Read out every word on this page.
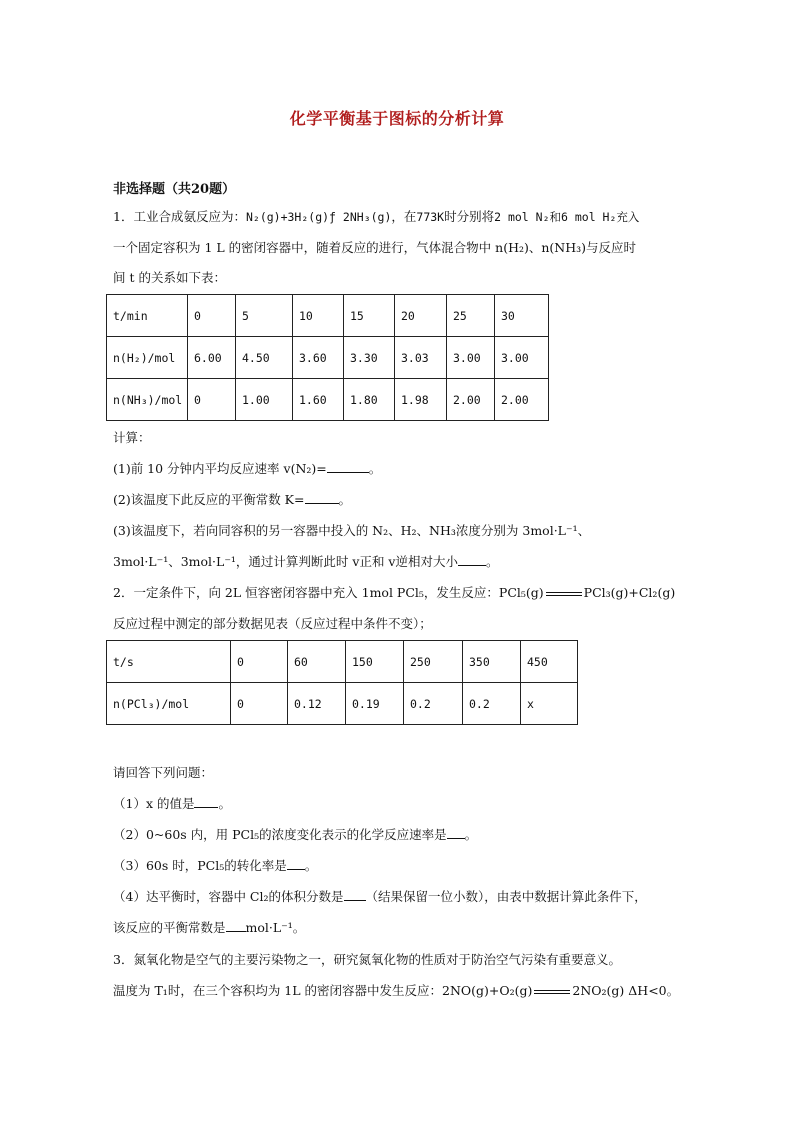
化学平衡基于图标的分析计算
非选择题（共20题）
1．工业合成氨反应为：N₂(g)+3H₂(g)ƒ 2NH₃(g)，在773K时分别将2 mol N₂和6 mol H₂充入
一个固定容积为 1 L 的密闭容器中，随着反应的进行，气体混合物中 n(H₂)、n(NH₃)与反应时
间 t 的关系如下表：
t/min	0	5	10	15	20	25	30
n(H₂)/mol	6.00	4.50	3.60	3.30	3.03	3.00	3.00
n(NH₃)/mol	0	1.00	1.60	1.80	1.98	2.00	2.00
计算：
(1)前 10 分钟内平均反应速率 v(N₂)=	。
(2)该温度下此反应的平衡常数 K=	。
(3)该温度下，若向同容积的另一容器中投入的 N₂、H₂、NH₃浓度分别为 3mol·L⁻¹、
3mol·L⁻¹、3mol·L⁻¹，通过计算判断此时 v正和 v逆相对大小 。
2．一定条件下，向 2L 恒容密闭容器中充入 1mol PCl₅，发生反应：PCl₅(g)	PCl₃(g)+Cl₂(g)
反应过程中测定的部分数据见表（反应过程中条件不变）；
t/s	0	60	150	250	350	450
n(PCl₃)/mol	0	0.12	0.19	0.2	0.2	x
请回答下列问题：
（1）x 的值是 。
（2）0~60s 内，用 PCl₅的浓度变化表示的化学反应速率是 。
（3）60s 时，PCl₅的转化率是 。
（4）达平衡时，容器中 Cl₂的体积分数是 （结果保留一位小数），由表中数据计算此条件下，
该反应的平衡常数是 mol·L⁻¹。
3．氮氧化物是空气的主要污染物之一，研究氮氧化物的性质对于防治空气污染有重要意义。
温度为 T₁时，在三个容积均为 1L 的密闭容器中发生反应：2NO(g)+O₂(g)	2NO₂(g) ΔH<0。
